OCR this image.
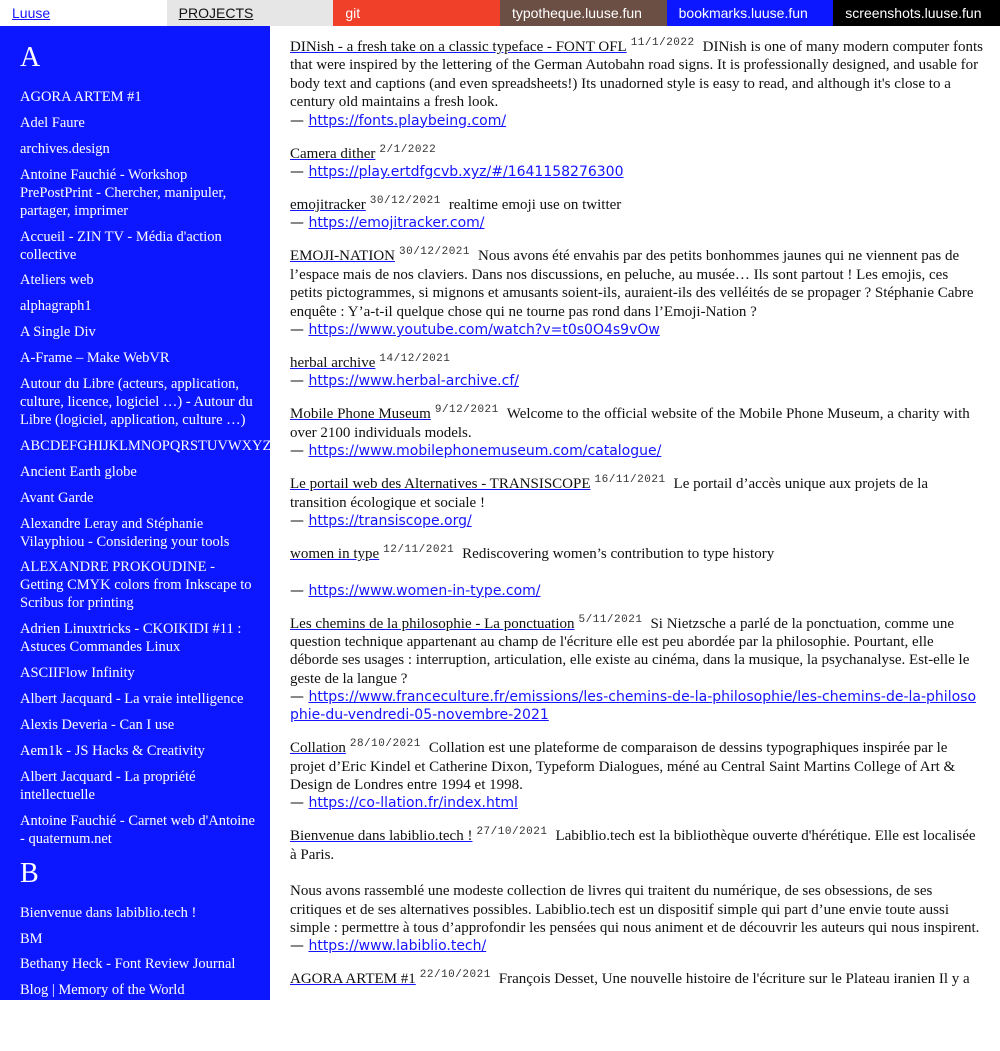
Luuse	PROJECTS	git	typotheque.luuse.fun	bookmarks.luuse.fun	screenshots.luuse.fun
A
AGORA ARTEM #1
Adel Faure
archives.design
Antoine Fauchié - Workshop PrePostPrint - Chercher, manipuler, partager, imprimer
Accueil - ZIN TV - Média d'action collective
Ateliers web
alphagraph1
A Single Div
A-Frame – Make WebVR
Autour du Libre (acteurs, application, culture, licence, logiciel …) - Autour du Libre (logiciel, application, culture …)
ABCDEFGHIJKLMNOPQRSTUVWXYZ
Ancient Earth globe
Avant Garde
Alexandre Leray and Stéphanie Vilayphiou - Considering your tools
ALEXANDRE PROKOUDINE - Getting CMYK colors from Inkscape to Scribus for printing
Adrien Linuxtricks - CKOIKIDI #11 : Astuces Commandes Linux
ASCIIFlow Infinity
Albert Jacquard - La vraie intelligence
Alexis Deveria - Can I use
Aem1k - JS Hacks & Creativity
Albert Jacquard - La propriété intellectuelle
Antoine Fauchié - Carnet web d'Antoine - quaternum.net
B
Bienvenue dans labiblio.tech !
BM
Bethany Heck - Font Review Journal
Blog | Memory of the World
Bibliothèque Anarchiste
Bibliothèque Virtuelle de Typographie
DINish - a fresh take on a classic typeface - FONT OFL $^{11/1/2022}$ DINish is one of many modern computer fonts that were inspired by the lettering of the German Autobahn road signs. It is professionally designed, and usable for body text and captions (and even spreadsheets!) Its unadorned style is easy to read, and although it's close to a century old maintains a fresh look.
— https://fonts.playbeing.com/
Camera dither $^{2/1/2022}$
— https://play.ertdfgcvb.xyz/#/1641158276300
emojitracker $^{30/12/2021}$ realtime emoji use on twitter
— https://emojitracker.com/
EMOJI-NATION $^{30/12/2021}$ Nous avons été envahis par des petits bonhommes jaunes qui ne viennent pas de l’espace mais de nos claviers. Dans nos discussions, en peluche, au musée… Ils sont partout ! Les emojis, ces petits pictogrammes, si mignons et amusants soient-ils, auraient-ils des velléités de se propager ? Stéphanie Cabre enquête : Y’a-t-il quelque chose qui ne tourne pas rond dans l’Emoji-Nation ?
— https://www.youtube.com/watch?v=t0s0O4s9vOw
herbal archive $^{14/12/2021}$
— https://www.herbal-archive.cf/
Mobile Phone Museum $^{9/12/2021}$ Welcome to the official website of the Mobile Phone Museum, a charity with over 2100 individuals models.
— https://www.mobilephonemuseum.com/catalogue/
Le portail web des Alternatives - TRANSISCOPE $^{16/11/2021}$ Le portail d’accès unique aux projets de la transition écologique et sociale !
— https://transiscope.org/
women in type $^{12/11/2021}$ Rediscovering women’s contribution to type history
— https://www.women-in-type.com/
Les chemins de la philosophie - La ponctuation $^{5/11/2021}$ Si Nietzsche a parlé de la ponctuation, comme une question technique appartenant au champ de l'écriture elle est peu abordée par la philosophie. Pourtant, elle déborde ses usages : interruption, articulation, elle existe au cinéma, dans la musique, la psychanalyse. Est-elle le geste de la langue ?
— https://www.franceculture.fr/emissions/les-chemins-de-la-philosophie/les-chemins-de-la-philosophie-du-vendredi-05-novembre-2021
Collation $^{28/10/2021}$ Collation est une plateforme de comparaison de dessins typographiques inspirée par le projet d’Eric Kindel et Catherine Dixon, Typeform Dialogues, méné au Central Saint Martins College of Art & Design de Londres entre 1994 et 1998.
— https://co-llation.fr/index.html
Bienvenue dans labiblio.tech ! $^{27/10/2021}$ Labiblio.tech est la bibliothèque ouverte d'hérétique. Elle est localisée à Paris.
Nous avons rassemblé une modeste collection de livres qui traitent du numérique, de ses obsessions, de ses critiques et de ses alternatives possibles. Labiblio.tech est un dispositif simple qui part d’une envie toute aussi simple : permettre à tous d’approfondir les pensées qui nous animent et de découvrir les auteurs qui nous inspirent.
— https://www.labiblio.tech/
AGORA ARTEM #1 $^{22/10/2021}$ François Desset, Une nouvelle histoire de l'écriture sur le Plateau iranien Il y a
